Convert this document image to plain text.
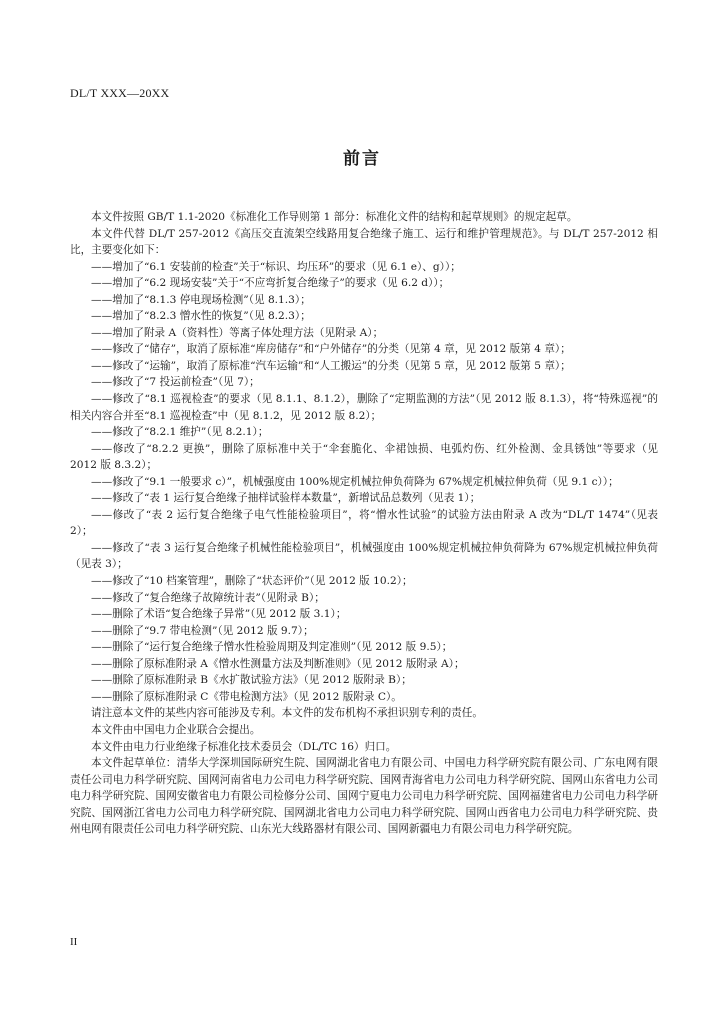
DL/T XXX—20XX
前言

本文件按照 GB/T 1.1-2020《标准化工作导则第 1 部分：标准化文件的结构和起草规则》的规定起草。

本文件代替 DL/T 257-2012《高压交直流架空线路用复合绝缘子施工、运行和维护管理规范》。与 DL/T 257-2012 相比，主要变化如下：

——增加了“6.1 安装前的检查”关于“标识、均压环”的要求（见 6.1 e）、g））；

——增加了“6.2 现场安装”关于“不应弯折复合绝缘子”的要求（见 6.2 d））；

——增加了“8.1.3 停电现场检测”（见 8.1.3）；

——增加了“8.2.3 憎水性的恢复”（见 8.2.3）；

——增加了附录 A（资料性）等离子体处理方法（见附录 A）；

——修改了“储存”，取消了原标准“库房储存”和“户外储存”的分类（见第 4 章，见 2012 版第 4 章）；

——修改了“运输”，取消了原标准“汽车运输”和“人工搬运”的分类（见第 5 章，见 2012 版第 5 章）；

——修改了“7 投运前检查”（见 7）；

——修改了“8.1 巡视检查”的要求（见 8.1.1、8.1.2），删除了“定期监测的方法”（见 2012 版 8.1.3），将“特殊巡视”的相关内容合并至“8.1 巡视检查”中（见 8.1.2，见 2012 版 8.2）；

——修改了“8.2.1 维护”（见 8.2.1）；

——修改了“8.2.2 更换”，删除了原标准中关于“伞套脆化、伞裙蚀损、电弧灼伤、红外检测、金具锈蚀”等要求（见 2012 版 8.3.2）；

——修改了“9.1 一般要求 c）”，机械强度由 100%规定机械拉伸负荷降为 67%规定机械拉伸负荷（见 9.1 c））；

——修改了“表 1 运行复合绝缘子抽样试验样本数量”，新增试品总数列（见表 1）；

——修改了“表 2 运行复合绝缘子电气性能检验项目”，将“憎水性试验”的试验方法由附录 A 改为“DL/T 1474”（见表 2）；

——修改了“表 3 运行复合绝缘子机械性能检验项目”，机械强度由 100%规定机械拉伸负荷降为 67%规定机械拉伸负荷（见表 3）；

——修改了“10 档案管理”，删除了“状态评价”（见 2012 版 10.2）；

——修改了“复合绝缘子故障统计表”（见附录 B）；

——删除了术语“复合绝缘子异常”（见 2012 版 3.1）；

——删除了“9.7 带电检测”（见 2012 版 9.7）；

——删除了“运行复合绝缘子憎水性检验周期及判定准则”（见 2012 版 9.5）；

——删除了原标准附录 A《憎水性测量方法及判断准则》（见 2012 版附录 A）；

——删除了原标准附录 B《水扩散试验方法》（见 2012 版附录 B）；

——删除了原标准附录 C《带电检测方法》（见 2012 版附录 C）。

请注意本文件的某些内容可能涉及专利。本文件的发布机构不承担识别专利的责任。

本文件由中国电力企业联合会提出。

本文件由电力行业绝缘子标准化技术委员会（DL/TC 16）归口。

本文件起草单位：清华大学深圳国际研究生院、国网湖北省电力有限公司、中国电力科学研究院有限公司、广东电网有限责任公司电力科学研究院、国网河南省电力公司电力科学研究院、国网青海省电力公司电力科学研究院、国网山东省电力公司电力科学研究院、国网安徽省电力有限公司检修分公司、国网宁夏电力公司电力科学研究院、国网福建省电力公司电力科学研究院、国网浙江省电力公司电力科学研究院、国网湖北省电力公司电力科学研究院、国网山西省电力公司电力科学研究院、贵州电网有限责任公司电力科学研究院、山东光大线路器材有限公司、国网新疆电力有限公司电力科学研究院。

II
